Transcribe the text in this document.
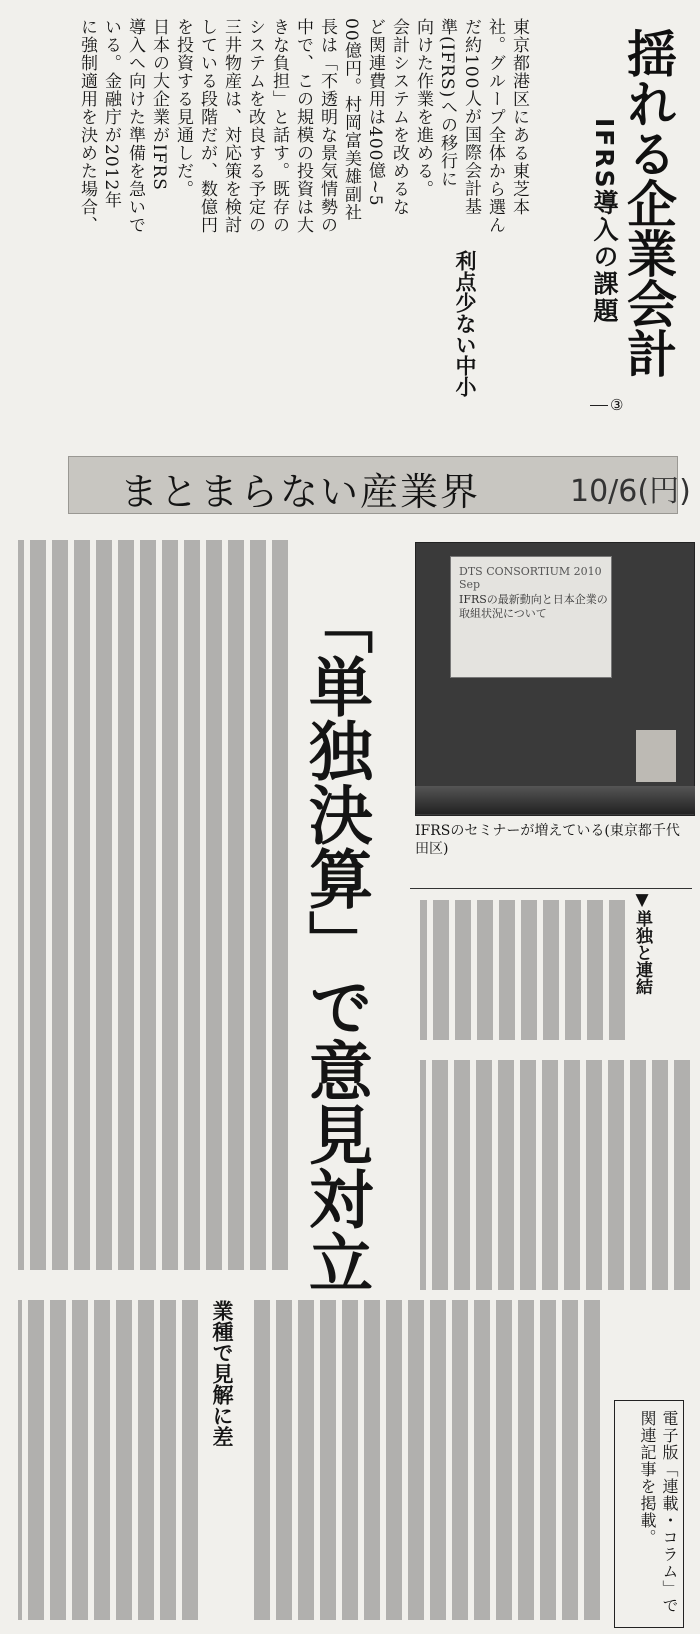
揺れる企業会計
IFRS導入の課題
③
東京都港区にある東芝本
社。グループ全体から選ん
だ約100人が国際会計基
準(IFRS)への移行に
向けた作業を進める。
会計システムを改めるな
ど関連費用は400億~5
00億円。村岡富美雄副社
長は「不透明な景気情勢の
中で、この規模の投資は大
きな負担」と話す。既存の
システムを改良する予定の
三井物産は、対応策を検討
している段階だが、数億円
を投資する見通しだ。
日本の大企業がIFRS
導入へ向けた準備を急いで
いる。金融庁が2012年
に強制適用を決めた場合、
利点少ない中小
まとまらない産業界	10/6(円)
DTS CONSORTIUM 2010 Sep
IFRSの最新動向と日本企業の取組状況について
IFRSのセミナーが増えている(東京都千代田区)
「単独決算」で意見対立	▼単独と連結
業種で見解に差
電子版「連載・コラム」で関連記事を掲載。
